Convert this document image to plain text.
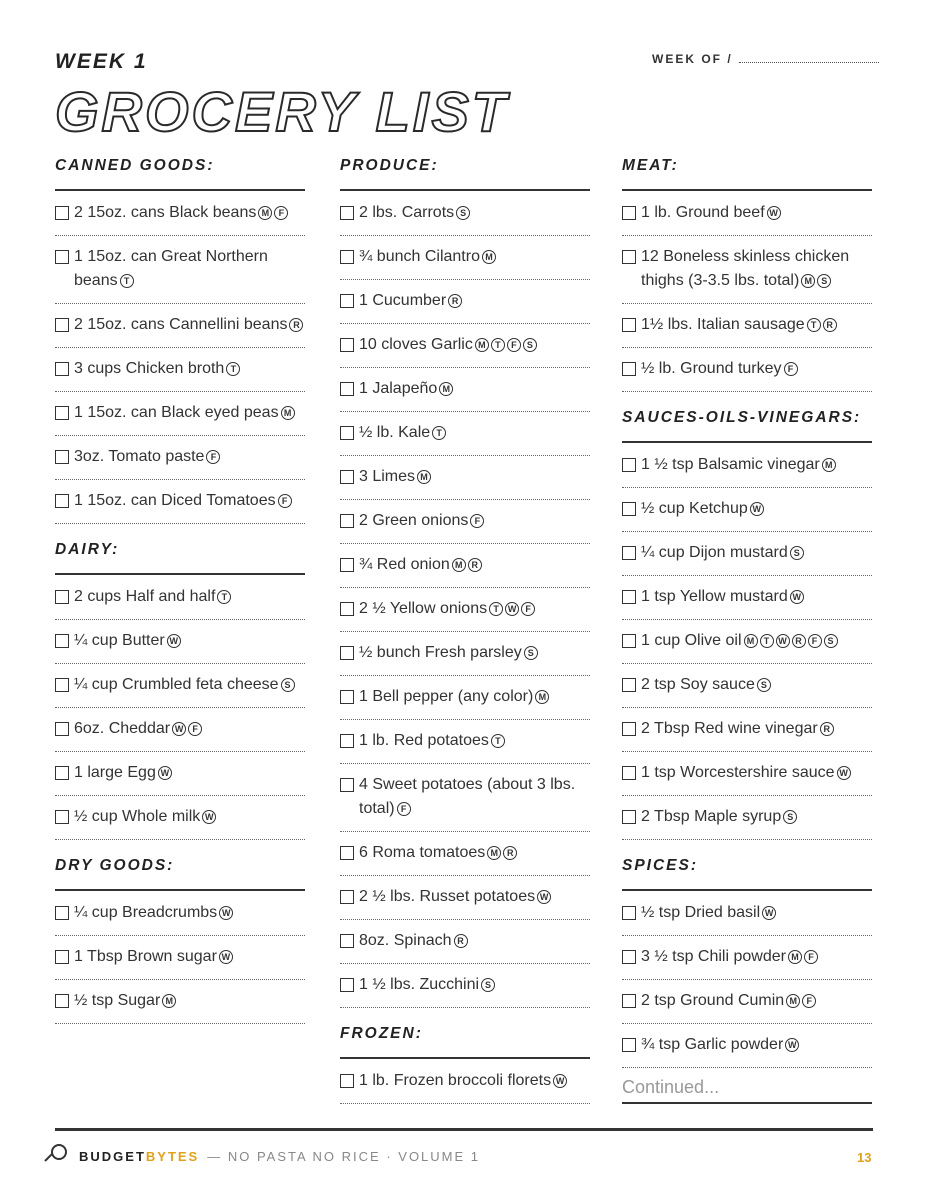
WEEK 1	WEEK OF /
GROCERY LIST
CANNED GOODS:
2 15oz. cans Black beans M F
1 15oz. can Great Northern beans T
2 15oz. cans Cannellini beans R
3 cups Chicken broth T
1 15oz. can Black eyed peas M
3oz. Tomato paste F
1 15oz. can Diced Tomatoes F
DAIRY:
2 cups Half and half T
¼ cup Butter W
¼ cup Crumbled feta cheese S
6oz. Cheddar W F
1 large Egg W
½ cup Whole milk W
DRY GOODS:
¼ cup Breadcrumbs W
1 Tbsp Brown sugar W
½ tsp Sugar M
PRODUCE:
2 lbs. Carrots S
¾ bunch Cilantro M
1 Cucumber R
10 cloves Garlic M T F S
1 Jalapeño M
½ lb. Kale T
3 Limes M
2 Green onions F
¾ Red onion M R
2 ½ Yellow onions T W F
½ bunch Fresh parsley S
1 Bell pepper (any color) M
1 lb. Red potatoes T
4 Sweet potatoes (about 3 lbs. total) F
6 Roma tomatoes M R
2 ½ lbs. Russet potatoes W
8oz. Spinach R
1 ½ lbs. Zucchini S
FROZEN:
1 lb. Frozen broccoli florets W
MEAT:
1 lb. Ground beef W
12 Boneless skinless chicken thighs (3-3.5 lbs. total) M S
1½ lbs. Italian sausage T R
½ lb. Ground turkey F
SAUCES-OILS-VINEGARS:
1 ½ tsp Balsamic vinegar M
½ cup Ketchup W
¼ cup Dijon mustard S
1 tsp Yellow mustard W
1 cup Olive oil M T W R F S
2 tsp Soy sauce S
2 Tbsp Red wine vinegar R
1 tsp Worcestershire sauce W
2 Tbsp Maple syrup S
SPICES:
½ tsp Dried basil W
3 ½ tsp Chili powder M F
2 tsp Ground Cumin M F
¾ tsp Garlic powder W
Continued...
BUDGET BYTES — NO PASTA NO RICE · VOLUME 1	13
